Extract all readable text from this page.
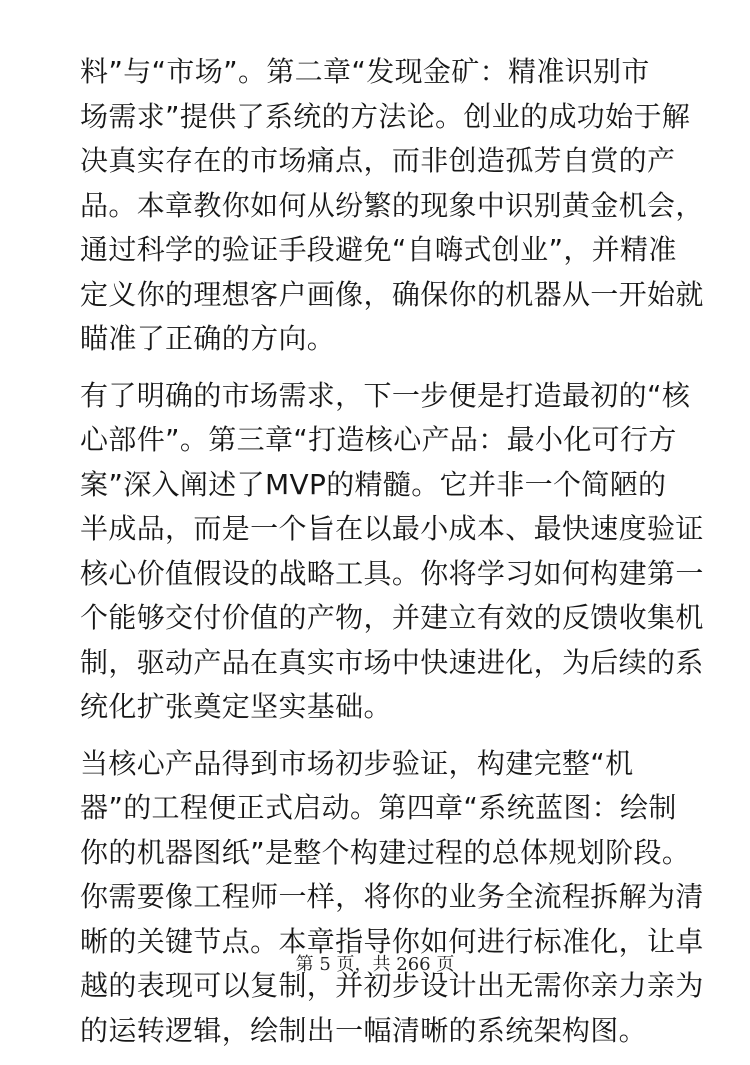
料”与“市场”。第二章“发现金矿：精准识别市
场需求”提供了系统的方法论。创业的成功始于解
决真实存在的市场痛点，而非创造孤芳自赏的产
品。本章教你如何从纷繁的现象中识别黄金机会，
通过科学的验证手段避免“自嗨式创业”，并精准
定义你的理想客户画像，确保你的机器从一开始就
瞄准了正确的方向。

有了明确的市场需求，下一步便是打造最初的“核
心部件”。第三章“打造核心产品：最小化可行方
案”深入阐述了MVP的精髓。它并非一个简陋的
半成品，而是一个旨在以最小成本、最快速度验证
核心价值假设的战略工具。你将学习如何构建第一
个能够交付价值的产物，并建立有效的反馈收集机
制，驱动产品在真实市场中快速进化，为后续的系
统化扩张奠定坚实基础。

当核心产品得到市场初步验证，构建完整“机
器”的工程便正式启动。第四章“系统蓝图：绘制
你的机器图纸”是整个构建过程的总体规划阶段。
你需要像工程师一样，将你的业务全流程拆解为清
晰的关键节点。本章指导你如何进行标准化，让卓
越的表现可以复制，并初步设计出无需你亲力亲为
的运转逻辑，绘制出一幅清晰的系统架构图。

第 5 页，共 266 页
